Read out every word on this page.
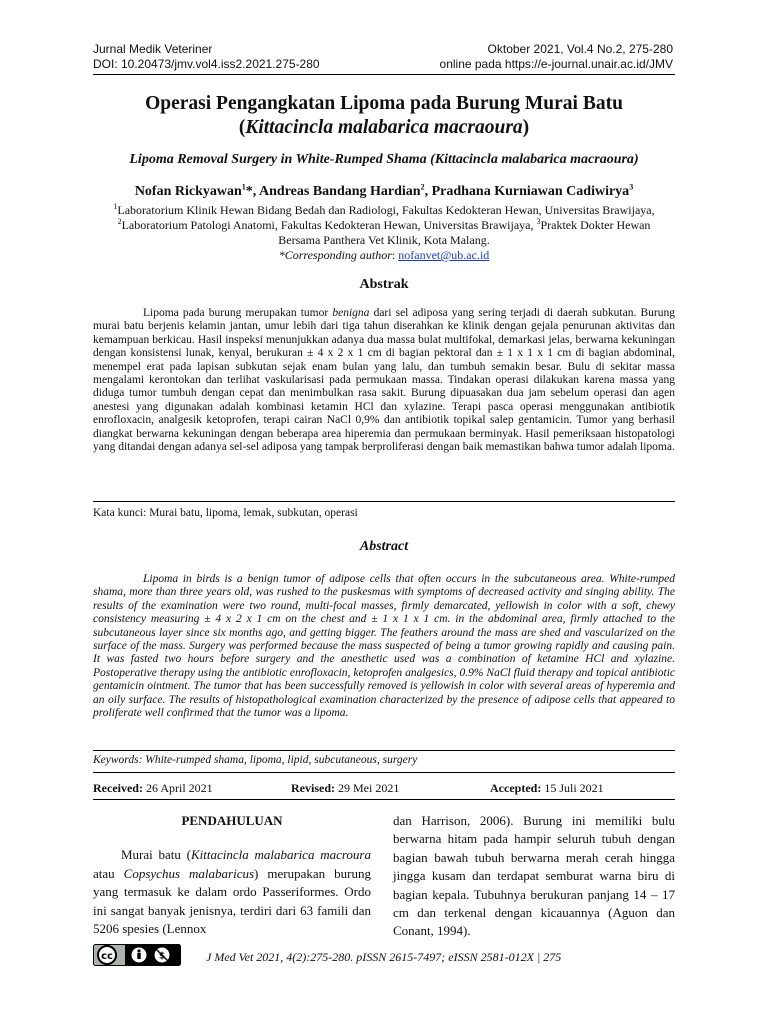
Jurnal Medik Veteriner
DOI: 10.20473/jmv.vol4.iss2.2021.275-280
Oktober 2021, Vol.4 No.2, 275-280
online pada https://e-journal.unair.ac.id/JMV
Operasi Pengangkatan Lipoma pada Burung Murai Batu
(Kittacincla malabarica macraoura)
Lipoma Removal Surgery in White-Rumped Shama (Kittacincla malabarica macraoura)
Nofan Rickyawan$^1$*, Andreas Bandang Hardian$^2$, Pradhana Kurniawan Cadiwirya$^3$
$^1$Laboratorium Klinik Hewan Bidang Bedah dan Radiologi, Fakultas Kedokteran Hewan, Universitas Brawijaya,
$^2$Laboratorium Patologi Anatomi, Fakultas Kedokteran Hewan, Universitas Brawijaya, $^3$Praktek Dokter Hewan
Bersama Panthera Vet Klinik, Kota Malang.
*Corresponding author: nofanvet@ub.ac.id
Abstrak

Lipoma pada burung merupakan tumor benigna dari sel adiposa yang sering terjadi di daerah subkutan. Burung murai batu berjenis kelamin jantan, umur lebih dari tiga tahun diserahkan ke klinik dengan gejala penurunan aktivitas dan kemampuan berkicau. Hasil inspeksi menunjukkan adanya dua massa bulat multifokal, demarkasi jelas, berwarna kekuningan dengan konsistensi lunak, kenyal, berukuran ± 4 x 2 x 1 cm di bagian pektoral dan ± 1 x 1 x 1 cm di bagian abdominal, menempel erat pada lapisan subkutan sejak enam bulan yang lalu, dan tumbuh semakin besar. Bulu di sekitar massa mengalami kerontokan dan terlihat vaskularisasi pada permukaan massa. Tindakan operasi dilakukan karena massa yang diduga tumor tumbuh dengan cepat dan menimbulkan rasa sakit. Burung dipuasakan dua jam sebelum operasi dan agen anestesi yang digunakan adalah kombinasi ketamin HCl dan xylazine. Terapi pasca operasi menggunakan antibiotik enrofloxacin, analgesik ketoprofen, terapi cairan NaCl 0,9% dan antibiotik topikal salep gentamicin. Tumor yang berhasil diangkat berwarna kekuningan dengan beberapa area hiperemia dan permukaan berminyak. Hasil pemeriksaan histopatologi yang ditandai dengan adanya sel-sel adiposa yang tampak berproliferasi dengan baik memastikan bahwa tumor adalah lipoma.

Kata kunci: Murai batu, lipoma, lemak, subkutan, operasi
Abstract

Lipoma in birds is a benign tumor of adipose cells that often occurs in the subcutaneous area. White-rumped shama, more than three years old, was rushed to the puskesmas with symptoms of decreased activity and singing ability. The results of the examination were two round, multi-focal masses, firmly demarcated, yellowish in color with a soft, chewy consistency measuring ± 4 x 2 x 1 cm on the chest and ± 1 x 1 x 1 cm. in the abdominal area, firmly attached to the subcutaneous layer since six months ago, and getting bigger. The feathers around the mass are shed and vascularized on the surface of the mass. Surgery was performed because the mass suspected of being a tumor growing rapidly and causing pain. It was fasted two hours before surgery and the anesthetic used was a combination of ketamine HCl and xylazine. Postoperative therapy using the antibiotic enrofloxacin, ketoprofen analgesics, 0.9% NaCl fluid therapy and topical antibiotic gentamicin ointment. The tumor that has been successfully removed is yellowish in color with several areas of hyperemia and an oily surface. The results of histopathological examination characterized by the presence of adipose cells that appeared to proliferate well confirmed that the tumor was a lipoma.

Keywords: White-rumped shama, lipoma, lipid, subcutaneous, surgery
Received: 26 April 2021	Revised: 29 Mei 2021	Accepted: 15 Juli 2021

PENDAHULUAN

Murai batu (Kittacincla malabarica macroura atau Copsychus malabaricus) merupakan burung yang termasuk ke dalam ordo Passeriformes. Ordo ini sangat banyak jenisnya, terdiri dari 63 famili dan 5206 spesies (Lennox

dan Harrison, 2006). Burung ini memiliki bulu berwarna hitam pada hampir seluruh tubuh dengan bagian bawah tubuh berwarna merah cerah hingga jingga kusam dan terdapat semburat warna biru di bagian kepala. Tubuhnya berukuran panjang 14 – 17 cm dan terkenal dengan kicauannya (Aguon dan Conant, 1994).

cc	$	J Med Vet 2021, 4(2):275-280. pISSN 2615-7497; eISSN 2581-012X | 275
